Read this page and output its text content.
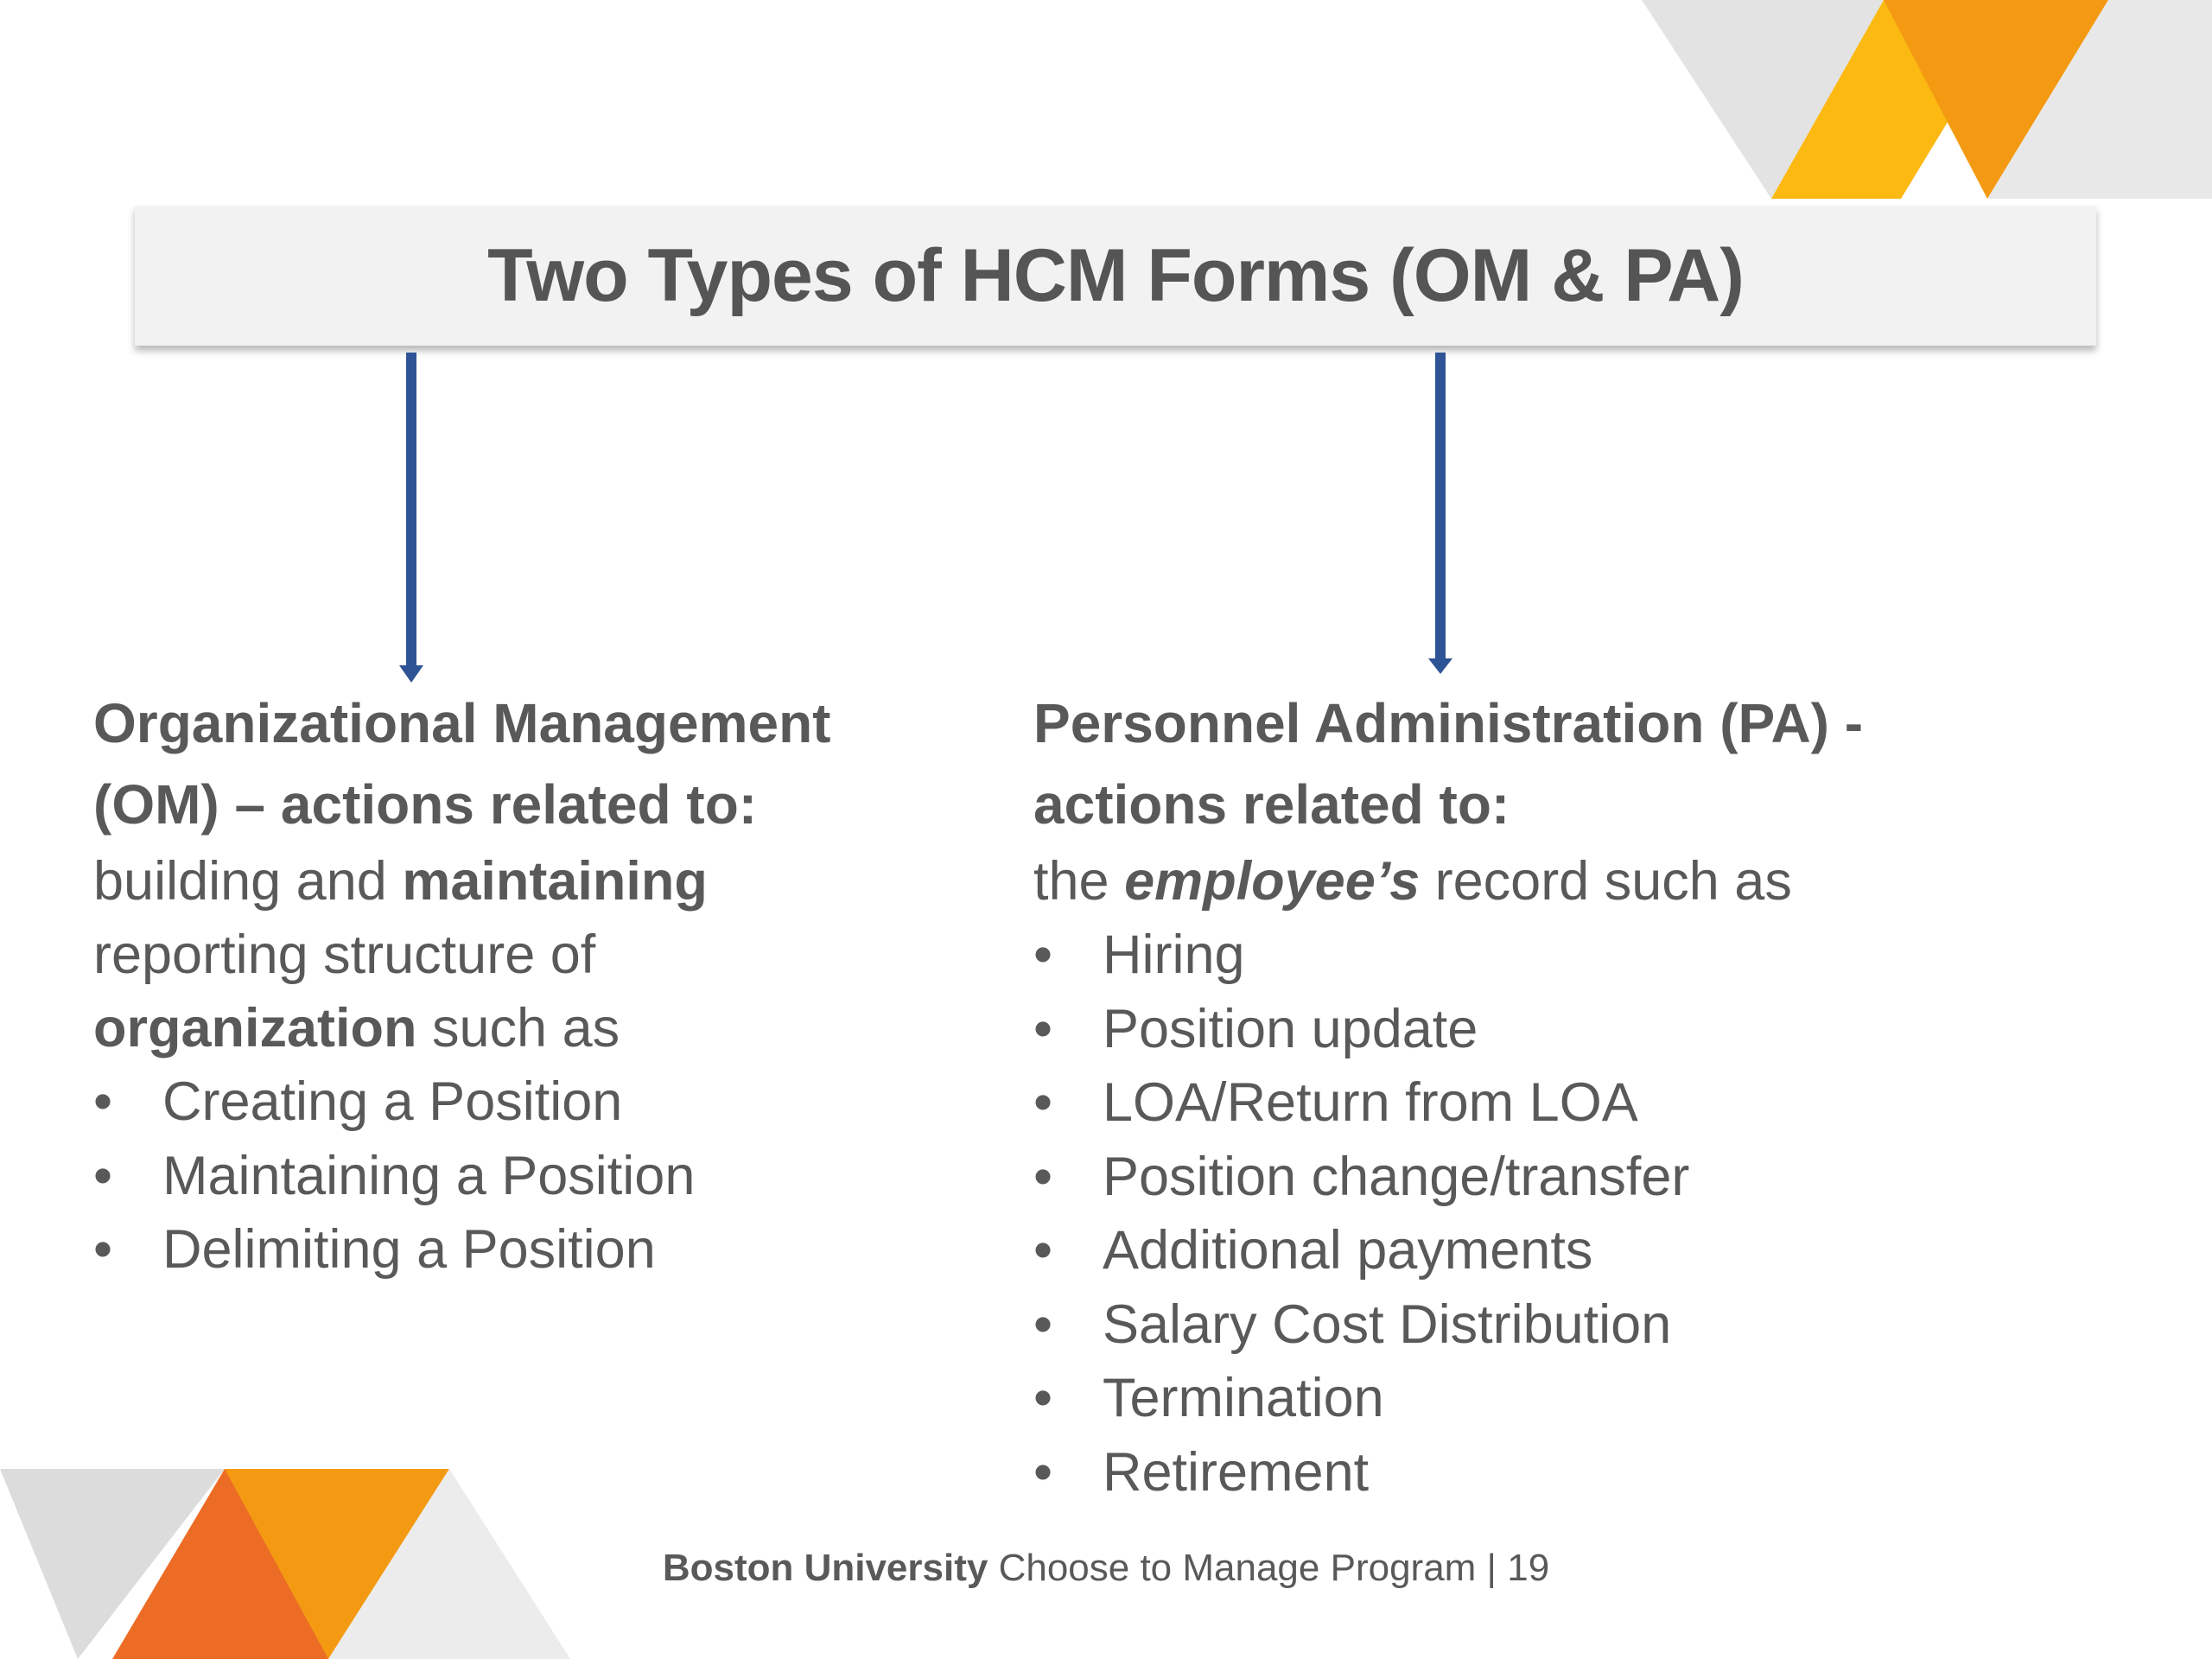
Two Types of HCM Forms (OM & PA)

Organizational Management
(OM) – actions related to:

building and maintaining
reporting structure of
organization such as

• Creating a Position
• Maintaining a Position
• Delimiting a Position

Personnel Administration (PA) -
actions related to:

the employee’s record such as

• Hiring
• Position update
• LOA/Return from LOA
• Position change/transfer
• Additional payments
• Salary Cost Distribution
• Termination
• Retirement
Boston University Choose to Manage Program | 19
